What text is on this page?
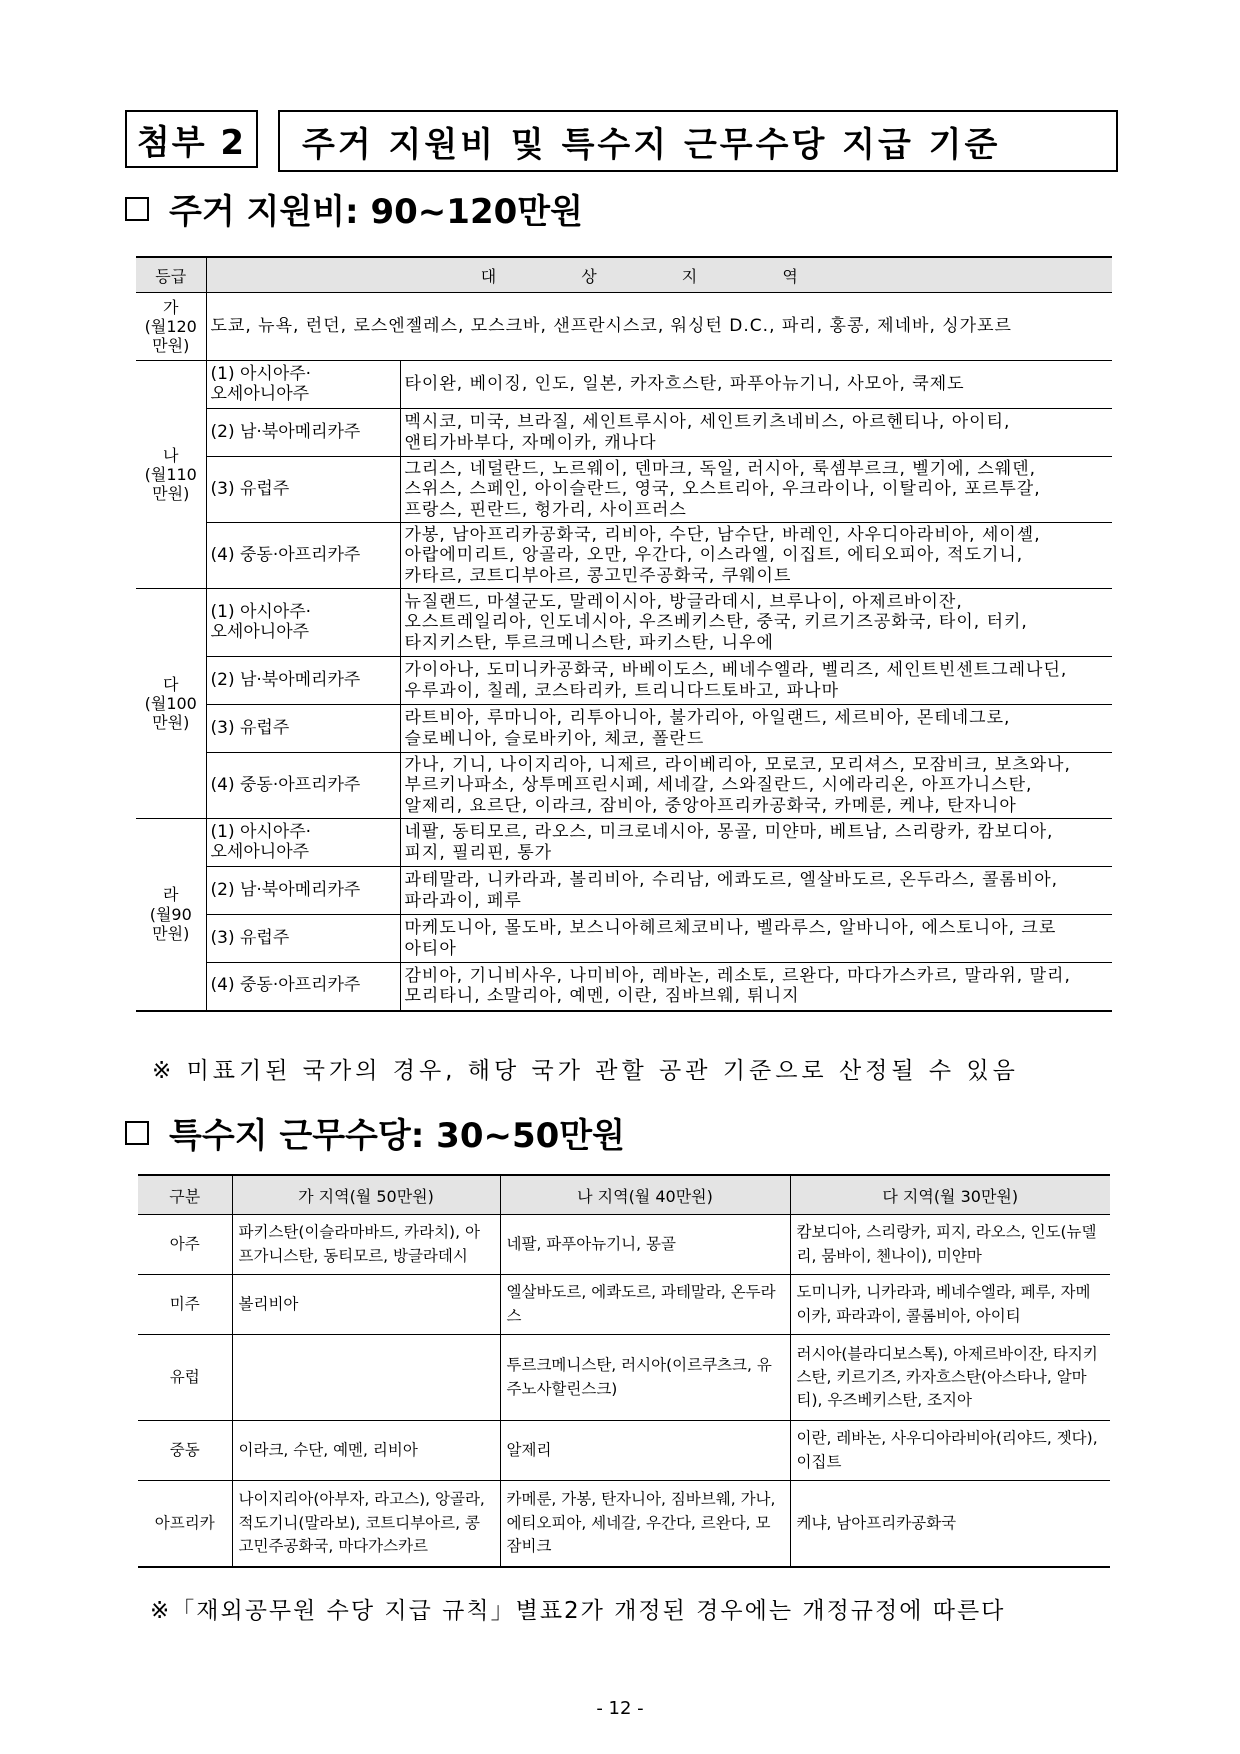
첨부 2	주거 지원비 및 특수지 근무수당 지급 기준
주거 지원비: 90~120만원
등급	대 상 지 역	

가
(월120
만원)	도쿄, 뉴욕, 런던, 로스엔젤레스, 모스크바, 샌프란시스코, 워싱턴 D.C., 파리, 홍콩, 제네바, 싱가포르	

나
(월110
만원)	(1) 아시아주·
오세아니아주	타이완, 베이징, 인도, 일본, 카자흐스탄, 파푸아뉴기니, 사모아, 쿡제도
	(2) 남·북아메리카주	멕시코, 미국, 브라질, 세인트루시아, 세인트키츠네비스, 아르헨티나, 아이티,
앤티가바부다, 자메이카, 캐나다
	(3) 유럽주	그리스, 네덜란드, 노르웨이, 덴마크, 독일, 러시아, 룩셈부르크, 벨기에, 스웨덴,
스위스, 스페인, 아이슬란드, 영국, 오스트리아, 우크라이나, 이탈리아, 포르투갈,
프랑스, 핀란드, 헝가리, 사이프러스
	(4) 중동·아프리카주	가봉, 남아프리카공화국, 리비아, 수단, 남수단, 바레인, 사우디아라비아, 세이셸,
아랍에미리트, 앙골라, 오만, 우간다, 이스라엘, 이집트, 에티오피아, 적도기니,
카타르, 코트디부아르, 콩고민주공화국, 쿠웨이트

다
(월100
만원)	(1) 아시아주·
오세아니아주	뉴질랜드, 마셜군도, 말레이시아, 방글라데시, 브루나이, 아제르바이잔,
오스트레일리아, 인도네시아, 우즈베키스탄, 중국, 키르기즈공화국, 타이, 터키,
타지키스탄, 투르크메니스탄, 파키스탄, 니우에
	(2) 남·북아메리카주	가이아나, 도미니카공화국, 바베이도스, 베네수엘라, 벨리즈, 세인트빈센트그레나딘,
우루과이, 칠레, 코스타리카, 트리니다드토바고, 파나마
	(3) 유럽주	라트비아, 루마니아, 리투아니아, 불가리아, 아일랜드, 세르비아, 몬테네그로,
슬로베니아, 슬로바키아, 체코, 폴란드
	(4) 중동·아프리카주	가나, 기니, 나이지리아, 니제르, 라이베리아, 모로코, 모리셔스, 모잠비크, 보츠와나,
부르키나파소, 상투메프린시페, 세네갈, 스와질란드, 시에라리온, 아프가니스탄,
알제리, 요르단, 이라크, 잠비아, 중앙아프리카공화국, 카메룬, 케냐, 탄자니아

라
(월90
만원)	(1) 아시아주·
오세아니아주	네팔, 동티모르, 라오스, 미크로네시아, 몽골, 미얀마, 베트남, 스리랑카, 캄보디아,
피지, 필리핀, 통가
	(2) 남·북아메리카주	과테말라, 니카라과, 볼리비아, 수리남, 에콰도르, 엘살바도르, 온두라스, 콜롬비아,
파라과이, 페루
	(3) 유럽주	마케도니아, 몰도바, 보스니아헤르체코비나, 벨라루스, 알바니아, 에스토니아, 크로
아티아
	(4) 중동·아프리카주	감비아, 기니비사우, 나미비아, 레바논, 레소토, 르완다, 마다가스카르, 말라위, 말리,
모리타니, 소말리아, 예멘, 이란, 짐바브웨, 튀니지
※ 미표기된 국가의 경우, 해당 국가 관할 공관 기준으로 산정될 수 있음
특수지 근무수당: 30~50만원
구분	가 지역(월 50만원)	나 지역(월 40만원)	다 지역(월 30만원)
아주	파키스탄(이슬라마바드, 카라치), 아프가니스탄, 동티모르, 방글라데시	네팔, 파푸아뉴기니, 몽골	캄보디아, 스리랑카, 피지, 라오스, 인도(뉴델리, 뭄바이, 첸나이), 미얀마
미주	볼리비아	엘살바도르, 에콰도르, 과테말라, 온두라스	도미니카, 니카라과, 베네수엘라, 페루, 자메이카, 파라과이, 콜롬비아, 아이티
유럽		투르크메니스탄, 러시아(이르쿠츠크, 유주노사할린스크)	러시아(블라디보스톡), 아제르바이잔, 타지키스탄, 키르기즈, 카자흐스탄(아스타나, 알마티), 우즈베키스탄, 조지아
중동	이라크, 수단, 예멘, 리비아	알제리	이란, 레바논, 사우디아라비아(리야드, 젯다), 이집트
아프리카	나이지리아(아부자, 라고스), 앙골라, 적도기니(말라보), 코트디부아르, 콩고민주공화국, 마다가스카르	카메룬, 가봉, 탄자니아, 짐바브웨, 가나, 에티오피아, 세네갈, 우간다, 르완다, 모잠비크	케냐, 남아프리카공화국
※「재외공무원 수당 지급 규칙」별표2가 개정된 경우에는 개정규정에 따른다
- 12 -
